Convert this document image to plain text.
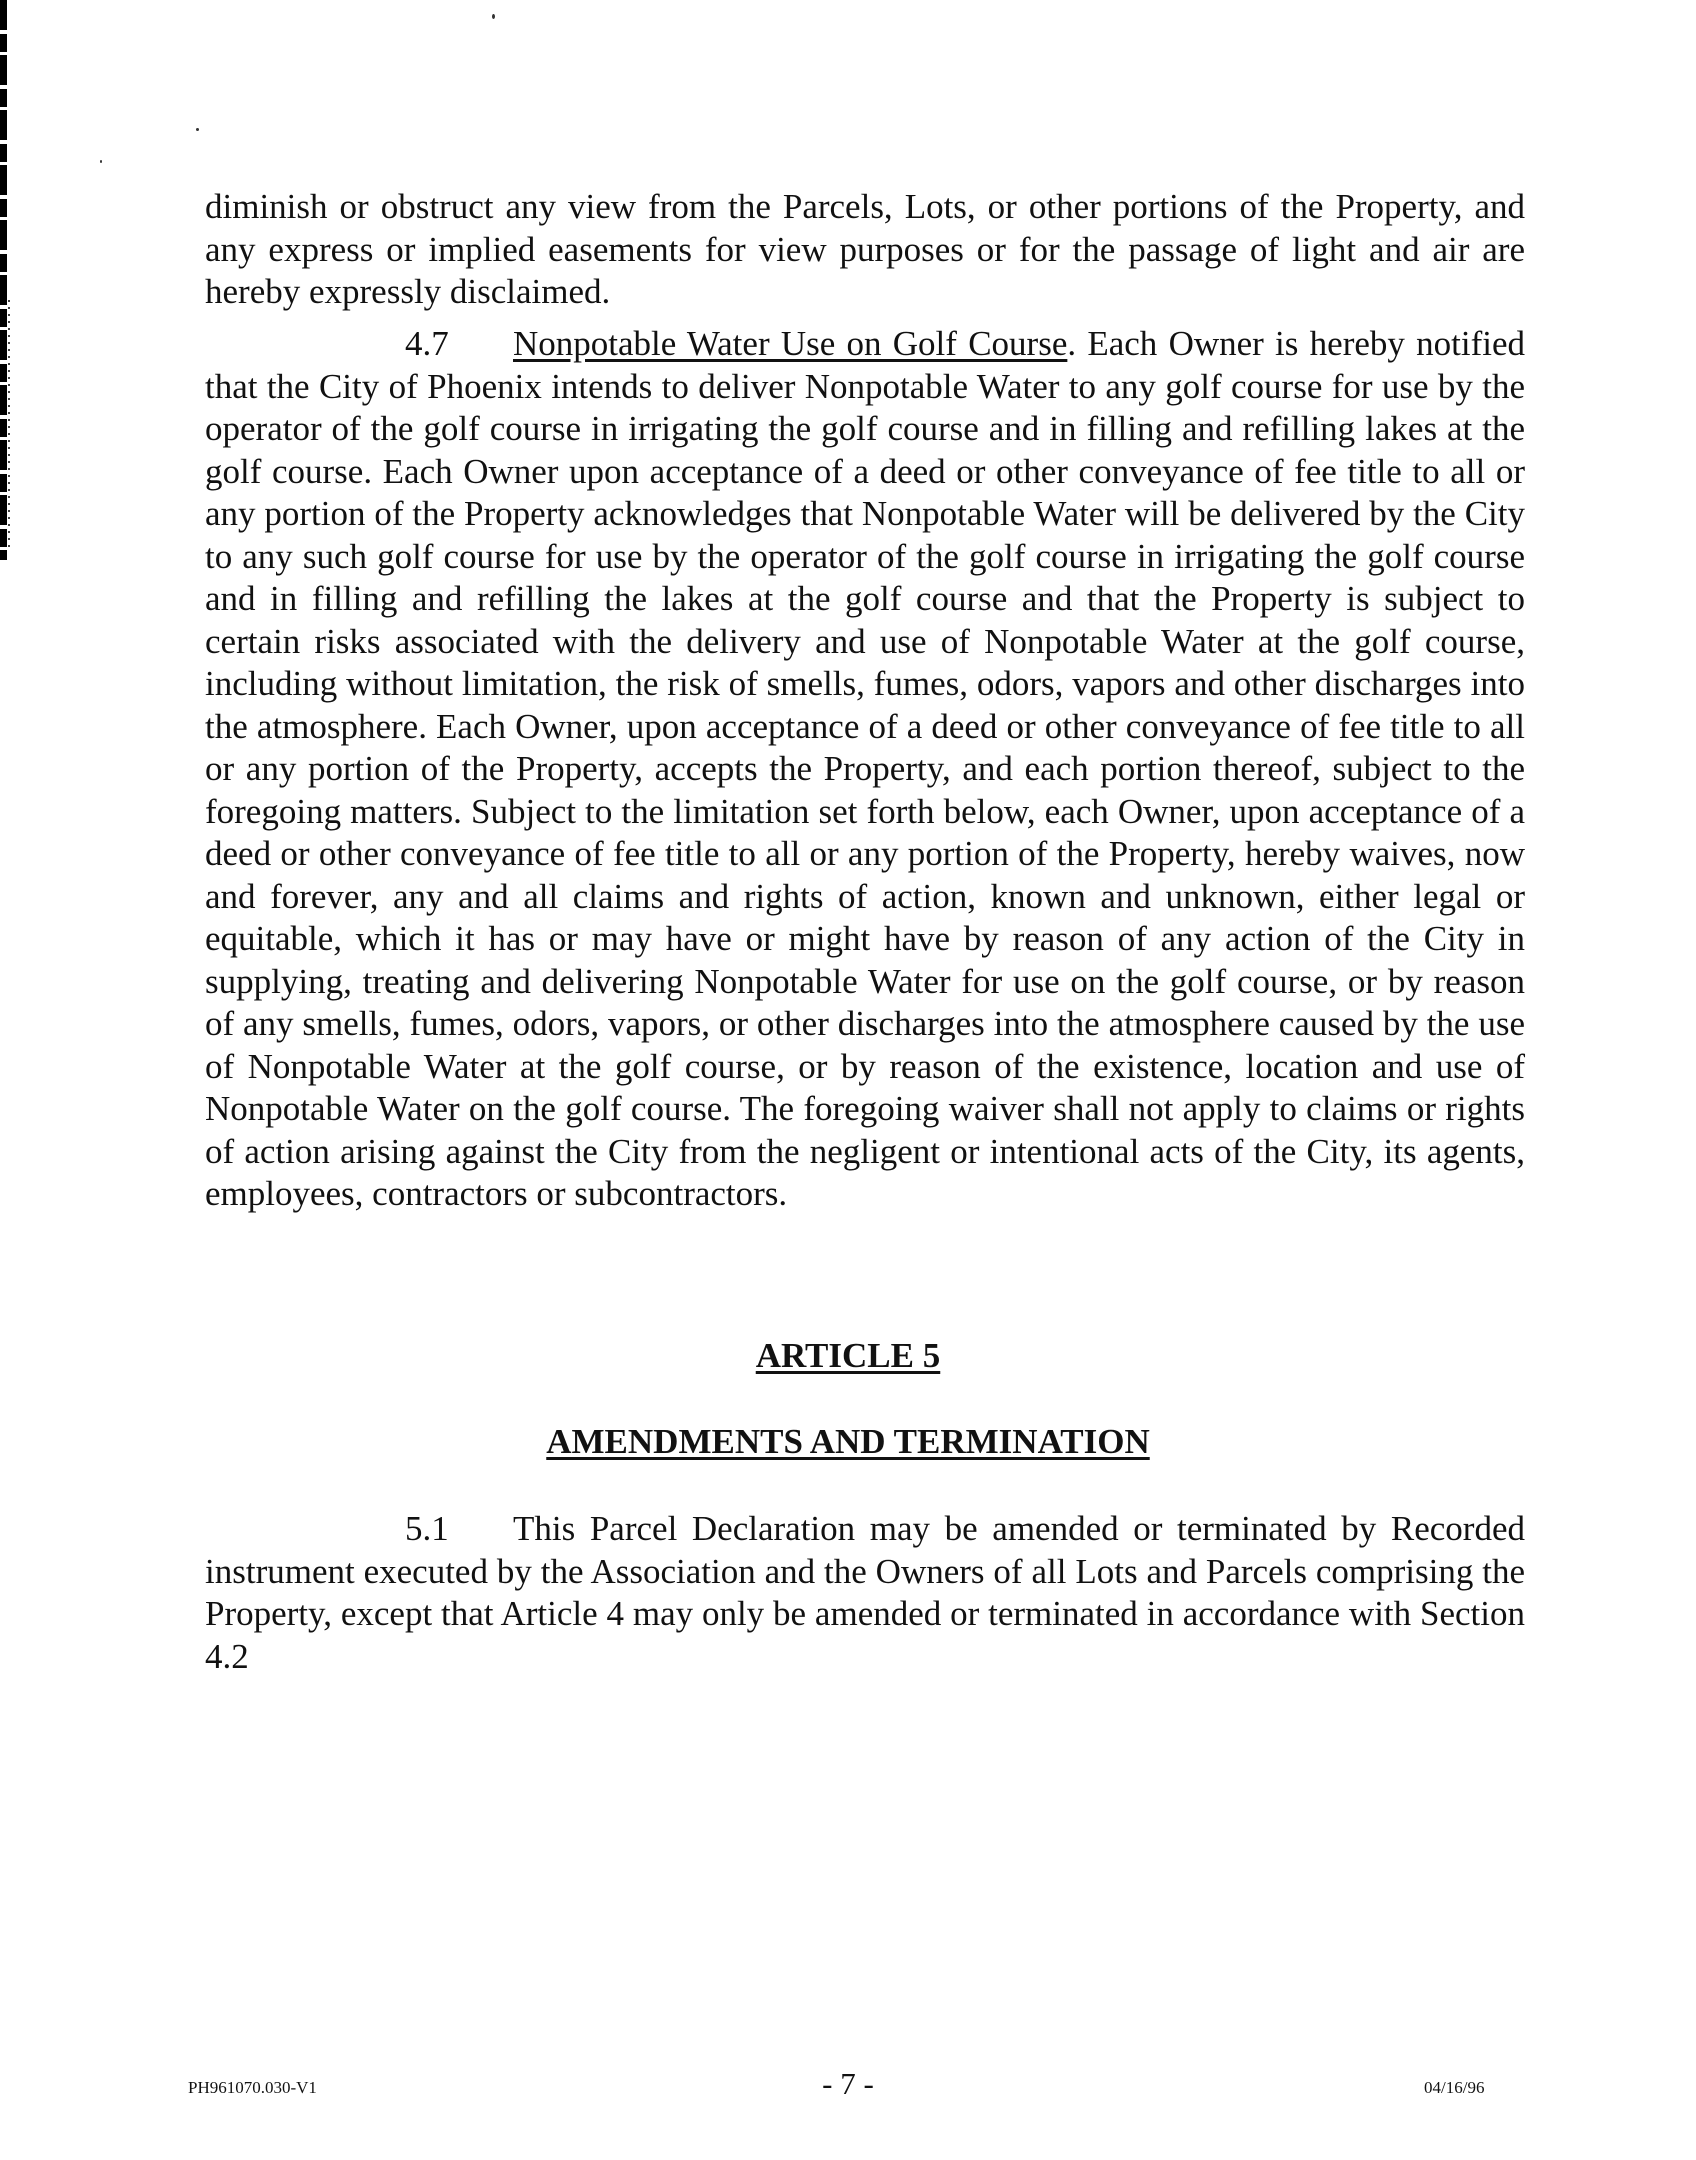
diminish or obstruct any view from the Parcels, Lots, or other portions of the Property, and any express or implied easements for view purposes or for the passage of light and air are hereby expressly disclaimed.

4.7 Nonpotable Water Use on Golf Course. Each Owner is hereby notified that the City of Phoenix intends to deliver Nonpotable Water to any golf course for use by the operator of the golf course in irrigating the golf course and in filling and refilling lakes at the golf course. Each Owner upon acceptance of a deed or other conveyance of fee title to all or any portion of the Property acknowledges that Nonpotable Water will be delivered by the City to any such golf course for use by the operator of the golf course in irrigating the golf course and in filling and refilling the lakes at the golf course and that the Property is subject to certain risks associated with the delivery and use of Nonpotable Water at the golf course, including without limitation, the risk of smells, fumes, odors, vapors and other discharges into the atmosphere. Each Owner, upon acceptance of a deed or other conveyance of fee title to all or any portion of the Property, accepts the Property, and each portion thereof, subject to the foregoing matters. Subject to the limitation set forth below, each Owner, upon acceptance of a deed or other conveyance of fee title to all or any portion of the Property, hereby waives, now and forever, any and all claims and rights of action, known and unknown, either legal or equitable, which it has or may have or might have by reason of any action of the City in supplying, treating and delivering Nonpotable Water for use on the golf course, or by reason of any smells, fumes, odors, vapors, or other discharges into the atmosphere caused by the use of Nonpotable Water at the golf course, or by reason of the existence, location and use of Nonpotable Water on the golf course. The foregoing waiver shall not apply to claims or rights of action arising against the City from the negligent or intentional acts of the City, its agents, employees, contractors or subcontractors.

ARTICLE 5
AMENDMENTS AND TERMINATION

5.1 This Parcel Declaration may be amended or terminated by Recorded instrument executed by the Association and the Owners of all Lots and Parcels comprising the Property, except that Article 4 may only be amended or terminated in accordance with Section 4.2

PH961070.030-V1	- 7 -	04/16/96
